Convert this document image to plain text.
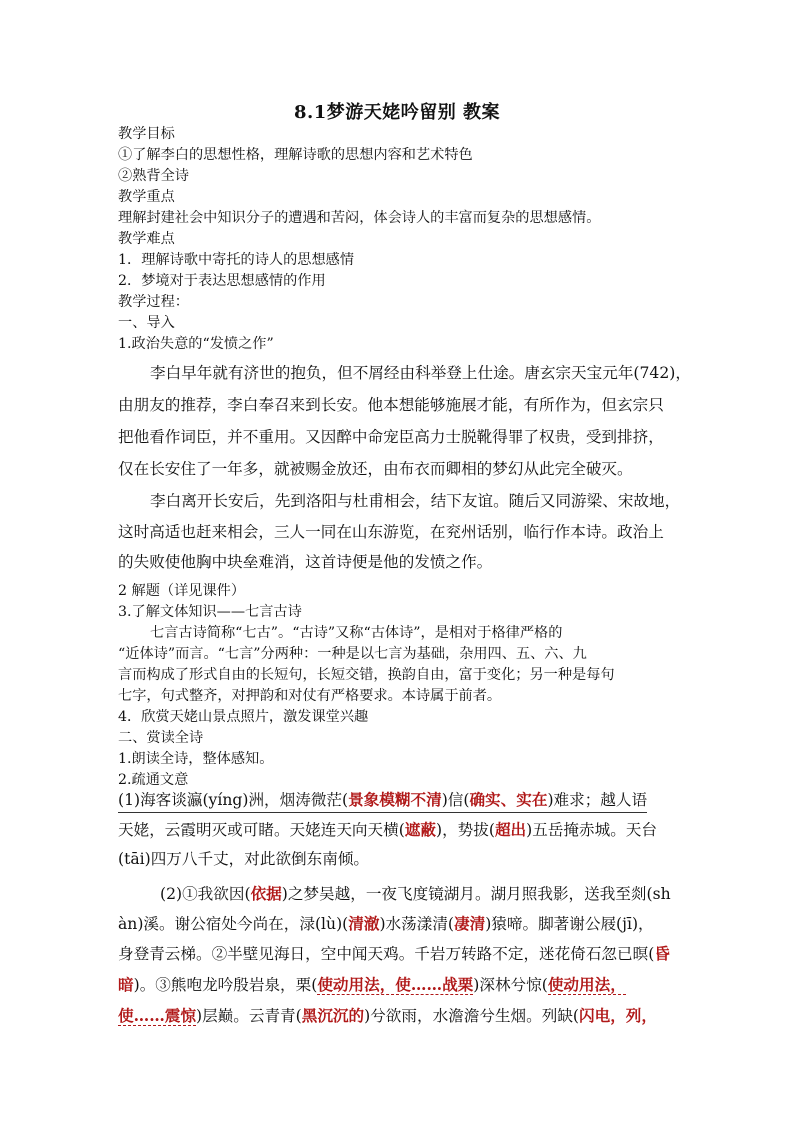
8.1梦游天姥吟留别 教案
教学目标
①了解李白的思想性格，理解诗歌的思想内容和艺术特色
②熟背全诗
教学重点
理解封建社会中知识分子的遭遇和苦闷，体会诗人的丰富而复杂的思想感情。
教学难点
1．理解诗歌中寄托的诗人的思想感情
2．梦境对于表达思想感情的作用
教学过程：
一、导入
1.政治失意的“发愤之作”
李白早年就有济世的抱负，但不屑经由科举登上仕途。唐玄宗天宝元年(742)，
由朋友的推荐，李白奉召来到长安。他本想能够施展才能，有所作为，但玄宗只
把他看作词臣，并不重用。又因醉中命宠臣高力士脱靴得罪了权贵，受到排挤，
仅在长安住了一年多，就被赐金放还，由布衣而卿相的梦幻从此完全破灭。
李白离开长安后，先到洛阳与杜甫相会，结下友谊。随后又同游梁、宋故地，
这时高适也赶来相会，三人一同在山东游览，在兖州话别，临行作本诗。政治上
的失败使他胸中块垒难消，这首诗便是他的发愤之作。
2 解题（详见课件）
3.了解文体知识——七言古诗
七言古诗简称“七古”。“古诗”又称“古体诗”，是相对于格律严格的
“近体诗”而言。“七言”分两种：一种是以七言为基础，杂用四、五、六、九
言而构成了形式自由的长短句，长短交错，换韵自由，富于变化；另一种是每句
七字，句式整齐，对押韵和对仗有严格要求。本诗属于前者。
4．欣赏天姥山景点照片，激发课堂兴趣
二、赏读全诗
1.朗读全诗，整体感知。
2.疏通文意
(1)海客谈瀛(yíng)洲，烟涛微茫(景象模糊不清)信(确实、实在)难求；越人语
天姥，云霞明灭或可睹。天姥连天向天横(遮蔽)，势拔(超出)五岳掩赤城。天台
(tāi)四万八千丈，对此欲倒东南倾。
(2)①我欲因(依据)之梦吴越，一夜飞度镜湖月。湖月照我影，送我至剡(sh
àn)溪。谢公宿处今尚在，渌(lù)(清澈)水荡漾清(凄清)猿啼。脚著谢公屐(jī)，
身登青云梯。②半壁见海日，空中闻天鸡。千岩万转路不定，迷花倚石忽已暝(昏
暗)。③熊咆龙吟殷岩泉，栗(使动用法，使……战栗)深林兮惊(使动用法，
使……震惊)层巅。云青青(黑沉沉的)兮欲雨，水澹澹兮生烟。列缺(闪电，列，
